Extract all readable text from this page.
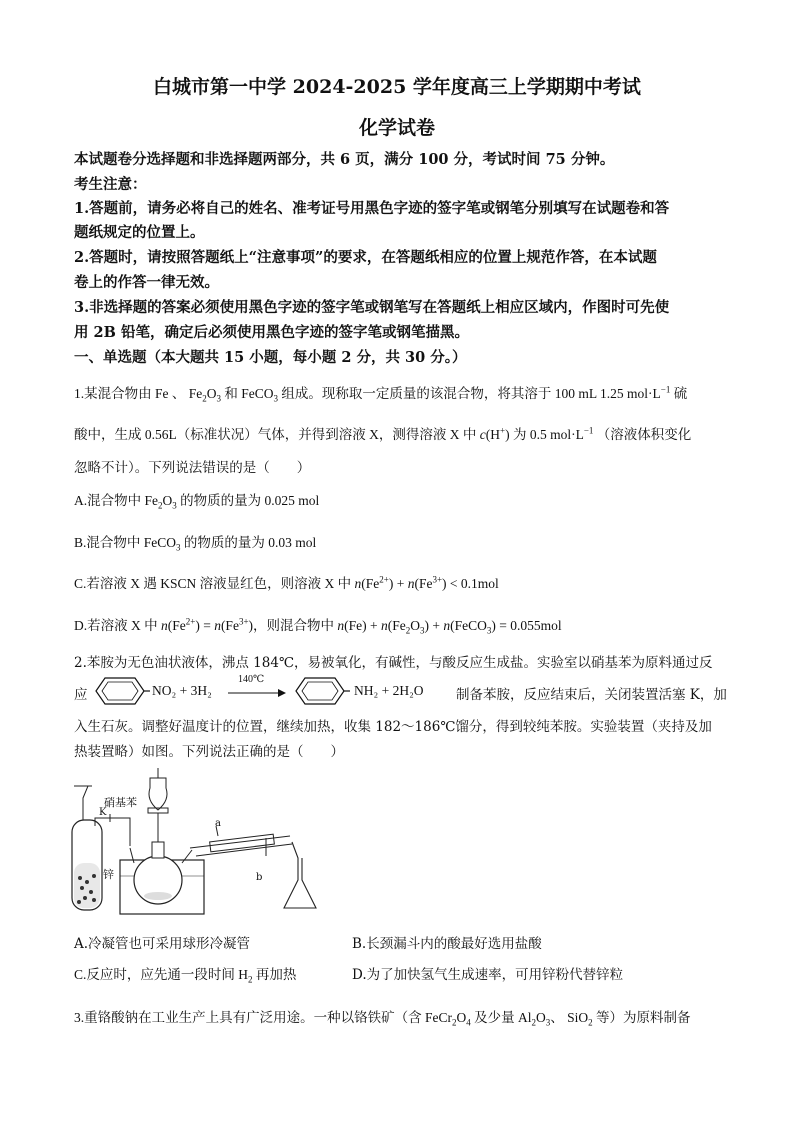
白城市第一中学 2024-2025 学年度高三上学期期中考试
化学试卷
本试题卷分选择题和非选择题两部分，共 6 页，满分 100 分，考试时间 75 分钟。
考生注意：
1.答题前，请务必将自己的姓名、准考证号用黑色字迹的签字笔或钢笔分别填写在试题卷和答
题纸规定的位置上。
2.答题时，请按照答题纸上“注意事项”的要求，在答题纸相应的位置上规范作答，在本试题
卷上的作答一律无效。
3.非选择题的答案必须使用黑色字迹的签字笔或钢笔写在答题纸上相应区域内，作图时可先使
用 2B 铅笔，确定后必须使用黑色字迹的签字笔或钢笔描黑。
一、单选题（本大题共 15 小题，每小题 2 分，共 30 分。）
1.某混合物由 Fe 、 $Fe_2O_3$ 和 FeCO$_3$ 组成。现称取一定质量的该混合物，将其溶于 100 mL 1.25 $mol\cdot L^{-1}$ 硫
酸中，生成 0.56L（标准状况）气体，并得到溶液 X，测得溶液 X 中 c(H+) 为 0.5 $mol\cdot L^{-1}$ （溶液体积变化
忽略不计）。下列说法错误的是（　　）
A.混合物中 $Fe_2O_3$ 的物质的量为 0.025 mol
B.混合物中 FeCO$_3$ 的物质的量为 0.03 mol
C.若溶液 X 遇 KSCN 溶液显红色，则溶液 X 中 $n(Fe^{2+}) + n(Fe^{3+}) < 0.1mol$
D.若溶液 X 中 $n(Fe^{2+}) = n(Fe^{3+})$，则混合物中 $n(Fe) + n(Fe_2O_3)$ + n(FeCO$_3$) = 0.055mol
2.苯胺为无色油状液体，沸点 184℃，易被氧化，有碱性，与酸反应生成盐。实验室以硝基苯为原料通过反
应	NO₂ + 3H₂
140℃
NH₂ + 2H₂O 制备苯胺，反应结束后，关闭装置活塞 K，加
入生石灰。调整好温度计的位置，继续加热，收集 182～186℃馏分，得到较纯苯胺。实验装置（夹持及加
热装置略）如图。下列说法正确的是（　　）
硝基苯
K
锌
a
b
A.冷凝管也可采用球形冷凝管	B.长颈漏斗内的酸最好选用盐酸
C.反应时，应先通一段时间 $H_2$ 再加热	D.为了加快氢气生成速率，可用锌粉代替锌粒
3.重铬酸钠在工业生产上具有广泛用途。一种以铬铁矿（含 $FeCr_2O_4$ 及少量 $Al_2O_3$、 SiO$_2$ 等）为原料制备
